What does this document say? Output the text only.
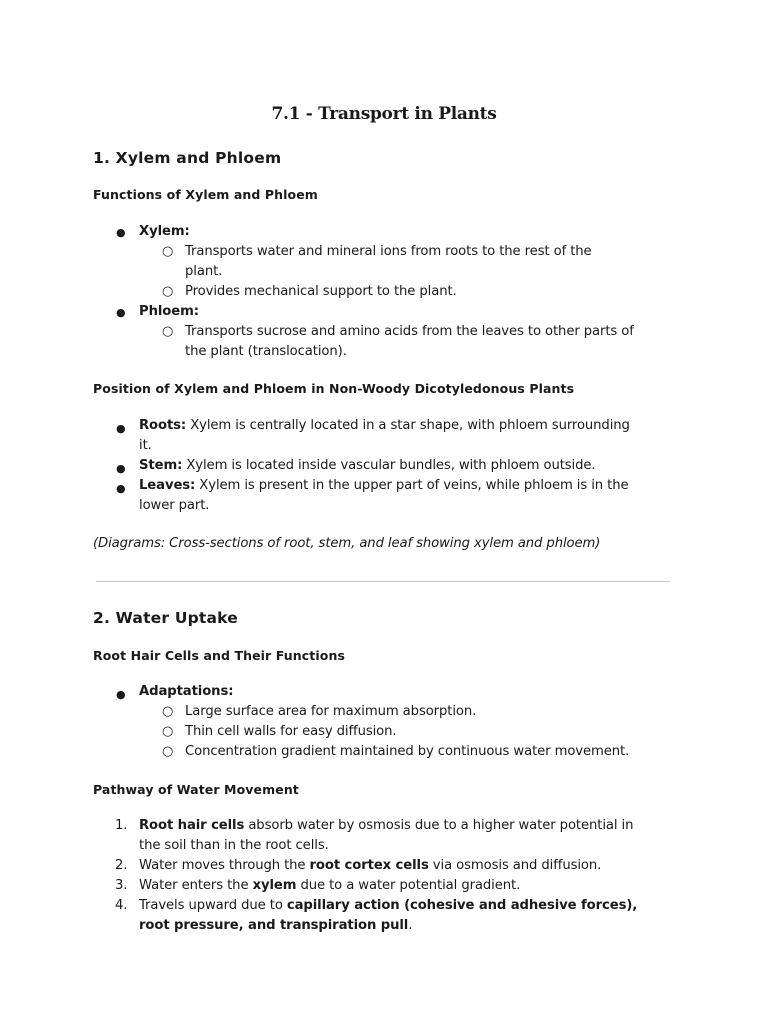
7.1 - Transport in Plants
1. Xylem and Phloem
Functions of Xylem and Phloem
● Xylem:
○ Transports water and mineral ions from roots to the rest of the
plant.
○ Provides mechanical support to the plant.
● Phloem:
○ Transports sucrose and amino acids from the leaves to other parts of
the plant (translocation).
Position of Xylem and Phloem in Non-Woody Dicotyledonous Plants
● Roots: Xylem is centrally located in a star shape, with phloem surrounding
it.
● Stem: Xylem is located inside vascular bundles, with phloem outside.
● Leaves: Xylem is present in the upper part of veins, while phloem is in the
lower part.
(Diagrams: Cross-sections of root, stem, and leaf showing xylem and phloem)
2. Water Uptake
Root Hair Cells and Their Functions
● Adaptations:
○ Large surface area for maximum absorption.
○ Thin cell walls for easy diffusion.
○ Concentration gradient maintained by continuous water movement.
Pathway of Water Movement
1. Root hair cells absorb water by osmosis due to a higher water potential in
the soil than in the root cells.
2. Water moves through the root cortex cells via osmosis and diffusion.
3. Water enters the xylem due to a water potential gradient.
4. Travels upward due to capillary action (cohesive and adhesive forces),
root pressure, and transpiration pull.
